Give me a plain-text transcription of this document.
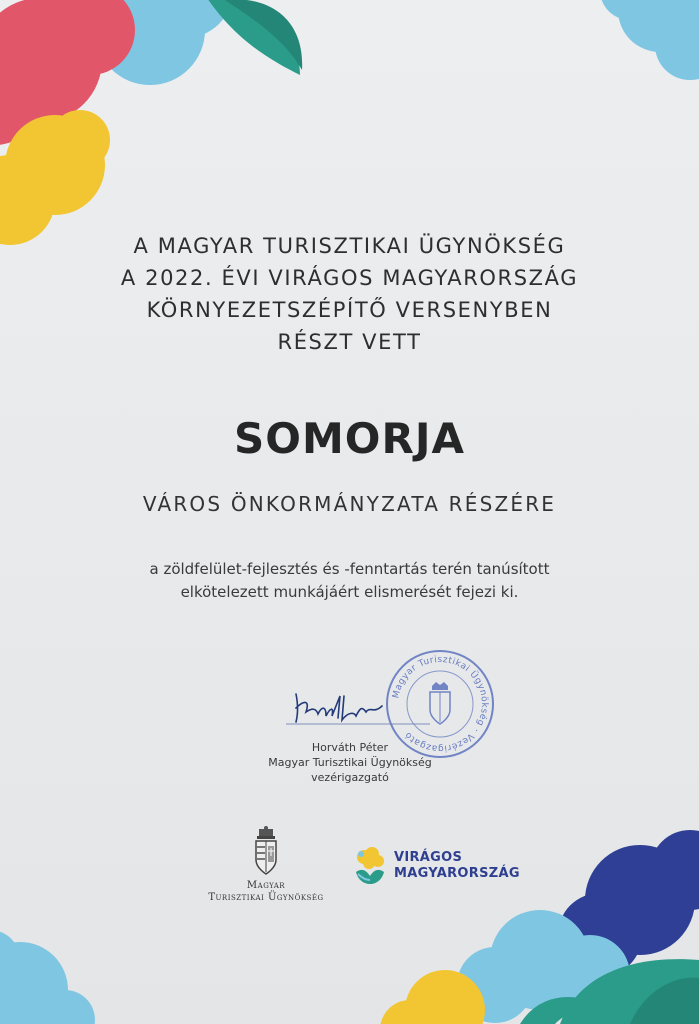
A MAGYAR TURISZTIKAI ÜGYNÖKSÉG
A 2022. ÉVI VIRÁGOS MAGYARORSZÁG
KÖRNYEZETSZÉPÍTŐ VERSENYBEN
RÉSZT VETT
SOMORJA
VÁROS ÖNKORMÁNYZATA RÉSZÉRE
a zöldfelület-fejlesztés és -fenntartás terén tanúsított
elkötelezett munkájáért elismerését fejezi ki.
Magyar Turisztikai Ügynökség · Vezérigazgató
Horváth Péter
Magyar Turisztikai Ügynökség
vezérigazgató
Magyar
Turisztikai Ügynökség
VIRÁGOS
MAGYARORSZÁG
